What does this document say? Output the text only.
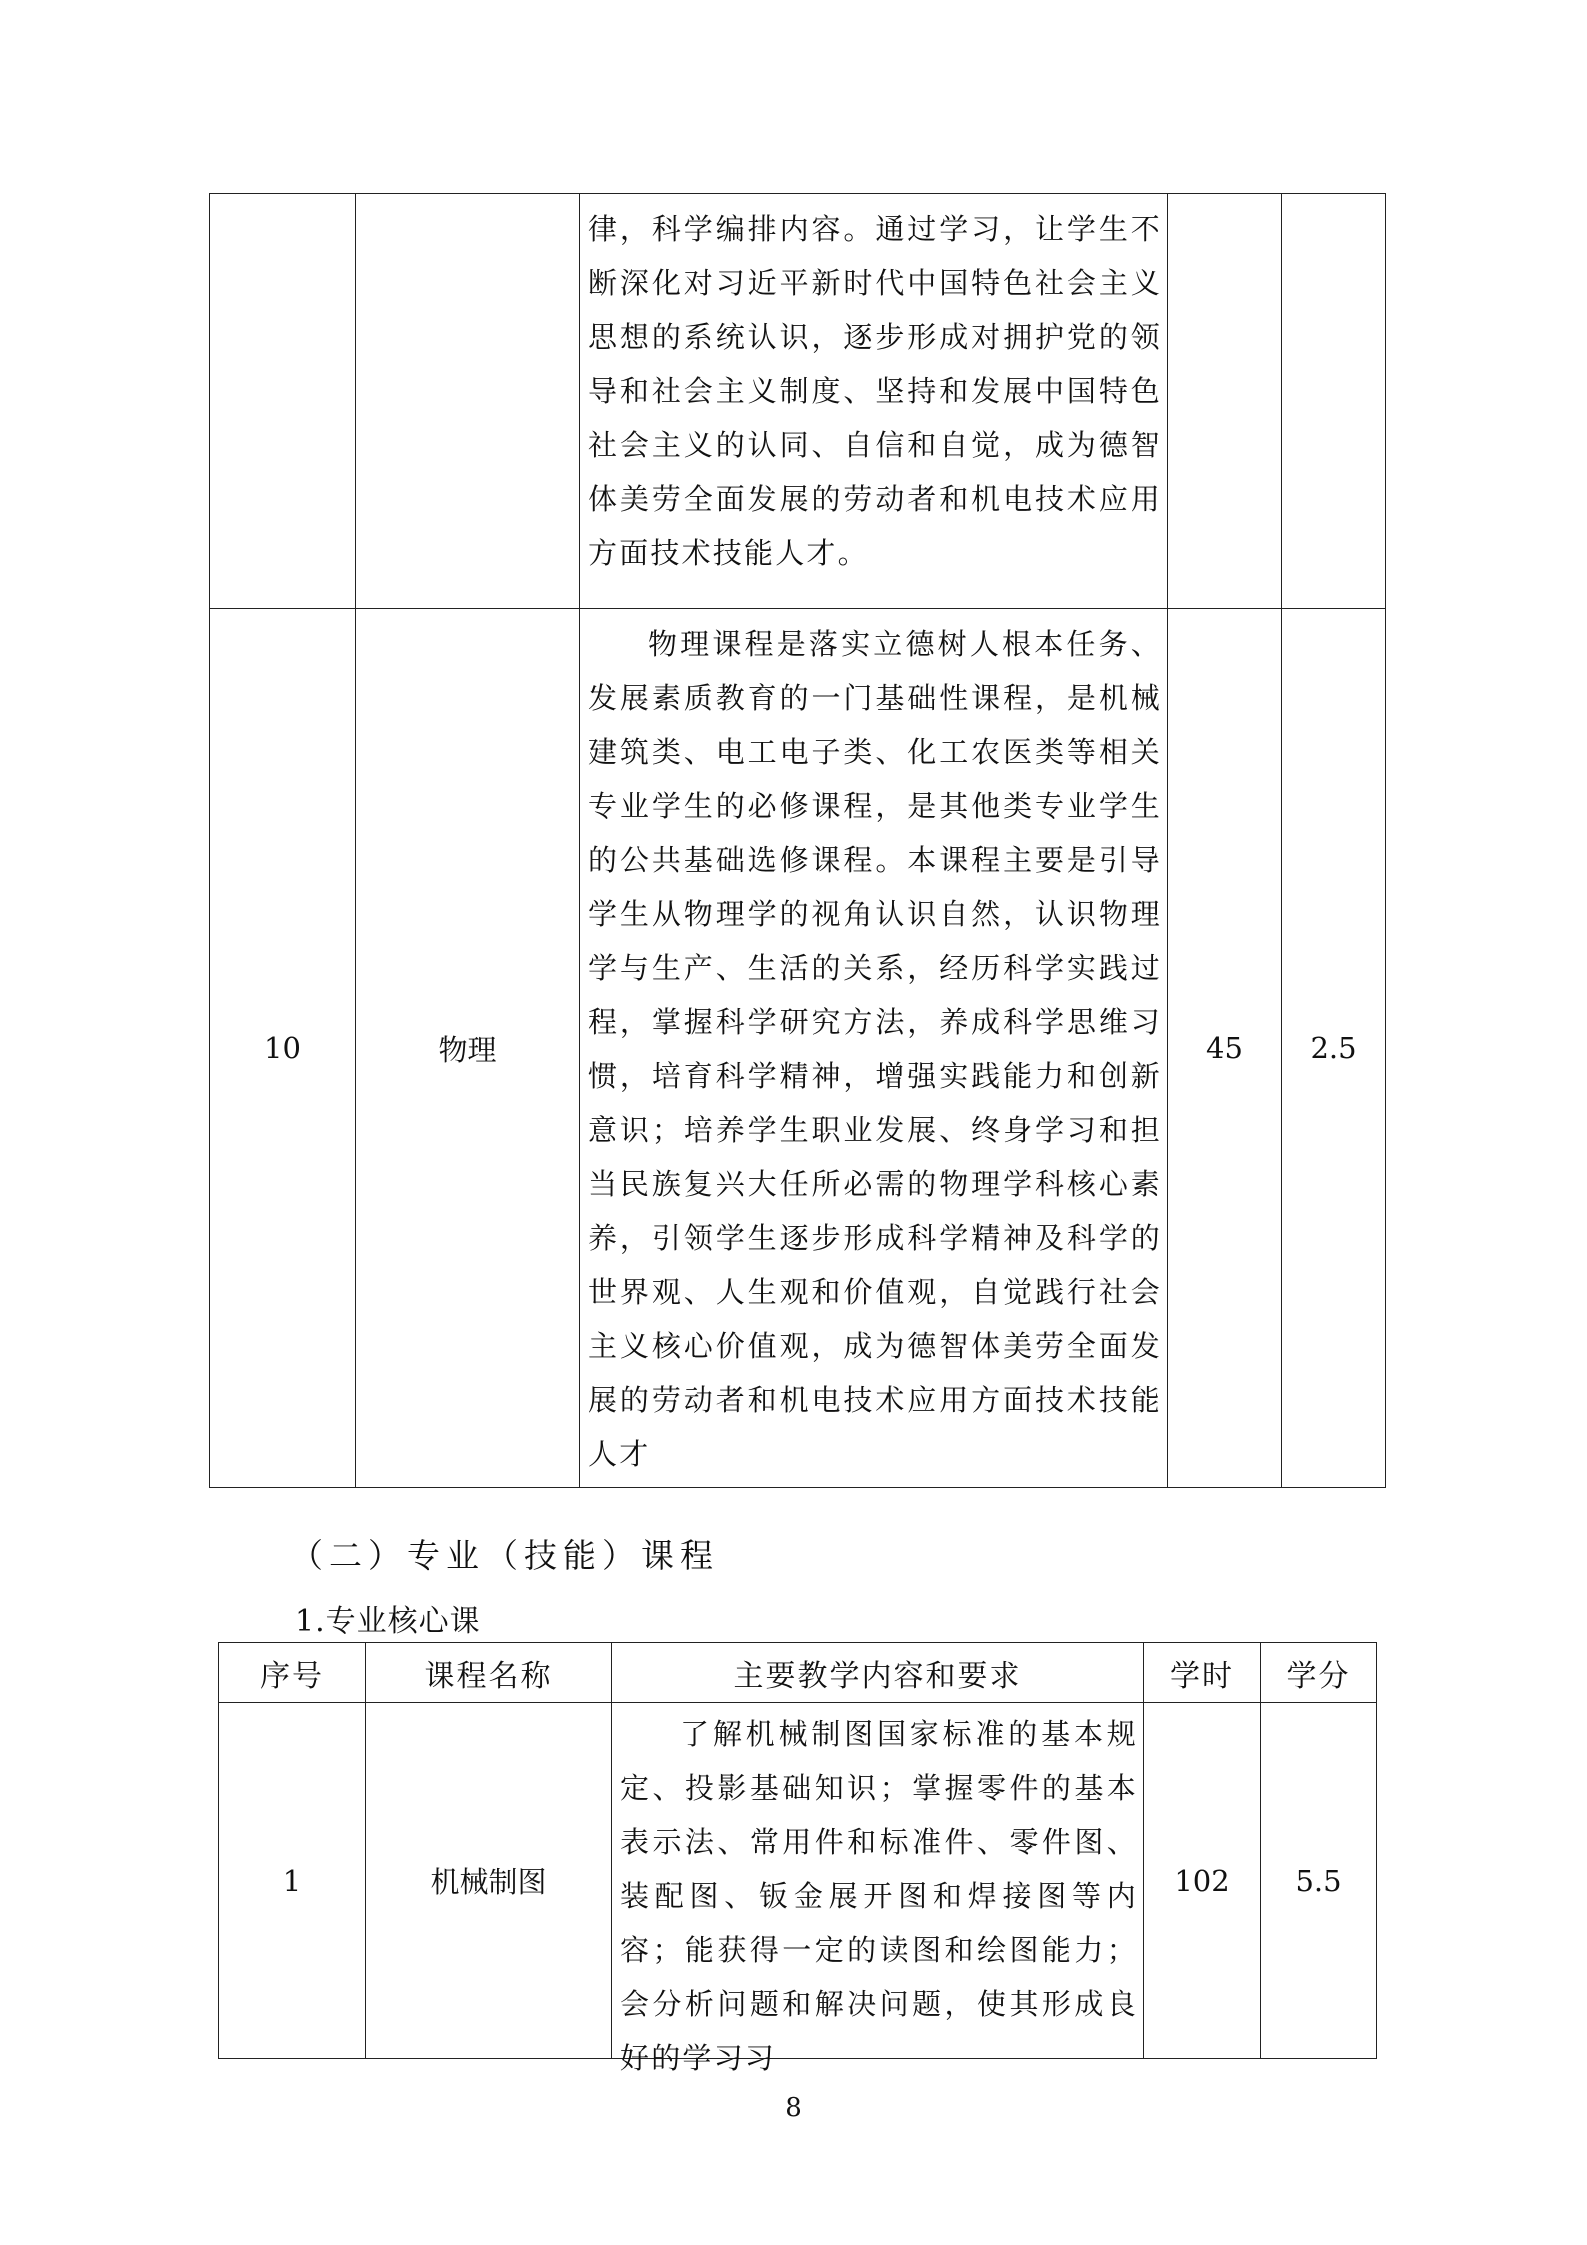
		律，科学编排内容。通过学习，让学生不断深化对习近平新时代中国特色社会主义思想的系统认识，逐步形成对拥护党的领导和社会主义制度、坚持和发展中国特色社会主义的认同、自信和自觉，成为德智体美劳全面发展的劳动者和机电技术应用方面技术技能人才。		

10	物理	物理课程是落实立德树人根本任务、发展素质教育的一门基础性课程，是机械建筑类、电工电子类、化工农医类等相关专业学生的必修课程，是其他类专业学生的公共基础选修课程。本课程主要是引导学生从物理学的视角认识自然，认识物理学与生产、生活的关系，经历科学实践过程，掌握科学研究方法，养成科学思维习惯，培育科学精神，增强实践能力和创新意识；培养学生职业发展、终身学习和担当民族复兴大任所必需的物理学科核心素养，引领学生逐步形成科学精神及科学的世界观、人生观和价值观，自觉践行社会主义核心价值观，成为德智体美劳全面发展的劳动者和机电技术应用方面技术技能人才	45	2.5
（二）专业（技能）课程
1.专业核心课
序号	课程名称	主要教学内容和要求	学时	学分
1	机械制图	了解机械制图国家标准的基本规定、投影基础知识；掌握零件的基本表示法、常用件和标准件、零件图、装配图、钣金展开图和焊接图等内容；能获得一定的读图和绘图能力；会分析问题和解决问题，使其形成良好的学习习	102	5.5
8
